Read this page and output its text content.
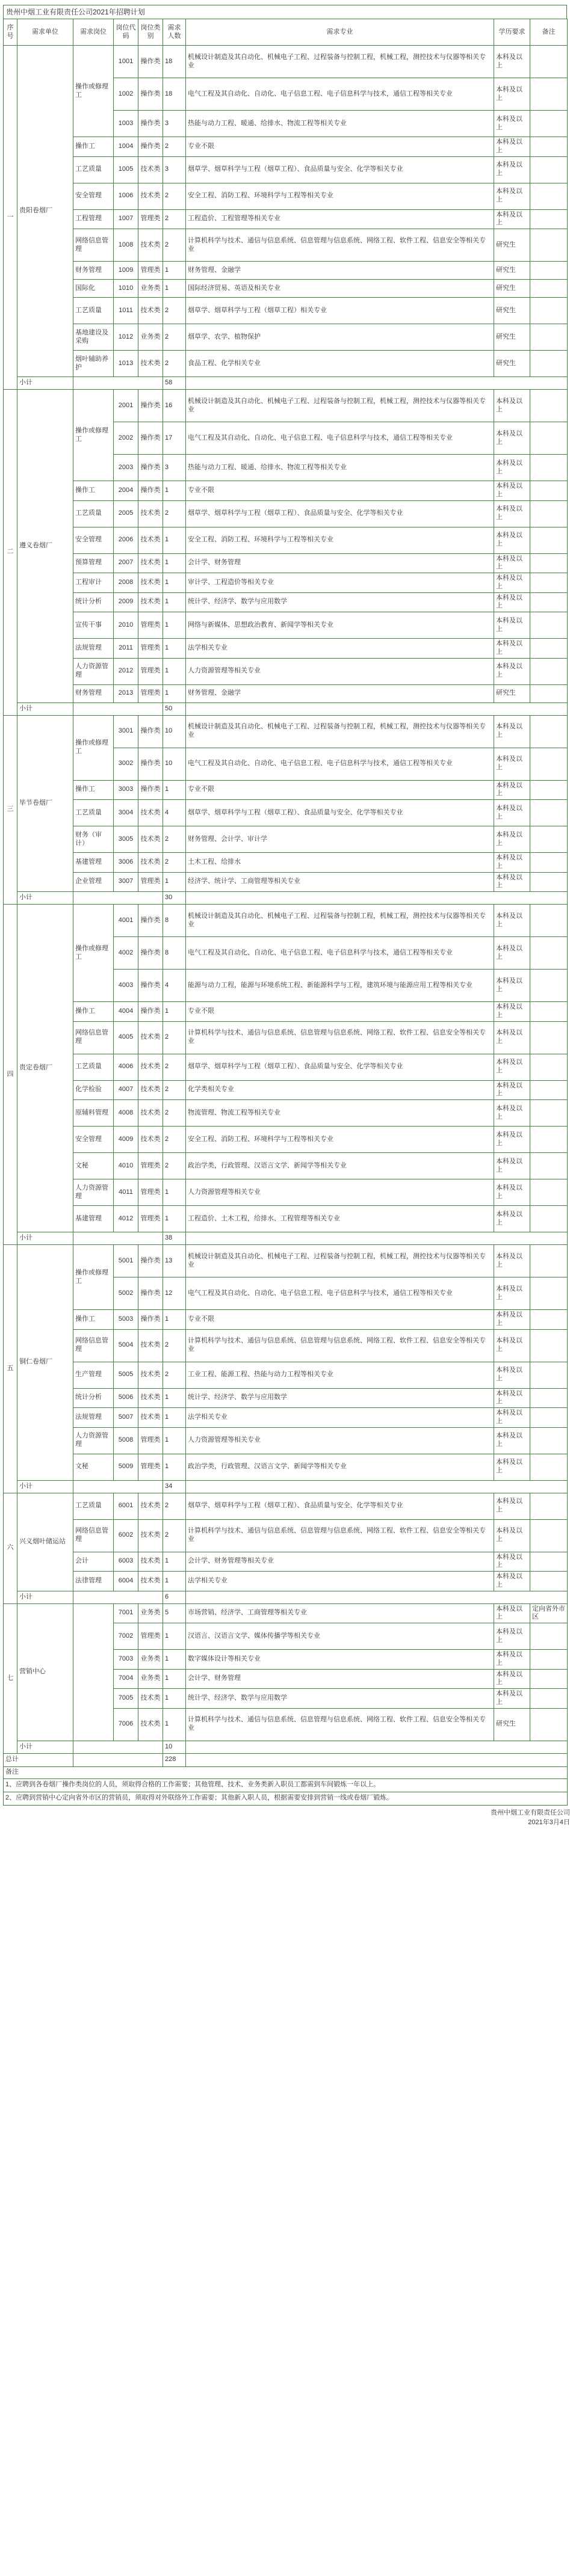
贵州中烟工业有限责任公司2021年招聘计划
序号	需求单位	需求岗位	岗位代码	岗位类别	需求人数	需求专业	学历要求	备注
一	贵阳卷烟厂	操作或修理工	1001	操作类	18	机械设计制造及其自动化、机械电子工程、过程装备与控制工程，机械工程，测控技术与仪器等相关专业	本科及以上	
			1002	操作类	18	电气工程及其自动化、自动化、电子信息工程、电子信息科学与技术，通信工程等相关专业	本科及以上	
			1003	操作类	3	热能与动力工程、暖通、给排水、物流工程等相关专业	本科及以上	
		操作工	1004	操作类	2	专业不限	本科及以上	
		工艺质量	1005	技术类	3	烟草学、烟草科学与工程（烟草工程）、食品质量与安全、化学等相关专业	本科及以上	
		安全管理	1006	技术类	2	安全工程、消防工程、环境科学与工程等相关专业	本科及以上	
		工程管理	1007	管理类	2	工程造价、工程管理等相关专业	本科及以上	
		网络信息管理	1008	技术类	2	计算机科学与技术、通信与信息系统、信息管理与信息系统、网络工程、软件工程、信息安全等相关专业	研究生	
		财务管理	1009	管理类	1	财务管理、金融学	研究生	
		国际化	1010	业务类	1	国际经济贸易、英语及相关专业	研究生	
		工艺质量	1011	技术类	2	烟草学、烟草科学与工程（烟草工程）相关专业	研究生	
		基地建设及采购	1012	业务类	2	烟草学、农学、植物保护	研究生	
		烟叶辅助养护	1013	技术类	2	食品工程、化学相关专业	研究生	
	小计				58			
二	遵义卷烟厂	操作或修理工	2001	操作类	16	机械设计制造及其自动化、机械电子工程、过程装备与控制工程，机械工程，测控技术与仪器等相关专业	本科及以上	
			2002	操作类	17	电气工程及其自动化、自动化、电子信息工程、电子信息科学与技术，通信工程等相关专业	本科及以上	
			2003	操作类	3	热能与动力工程、暖通、给排水、物流工程等相关专业	本科及以上	
		操作工	2004	操作类	1	专业不限	本科及以上	
		工艺质量	2005	技术类	2	烟草学、烟草科学与工程（烟草工程）、食品质量与安全、化学等相关专业	本科及以上	
		安全管理	2006	技术类	1	安全工程、消防工程、环境科学与工程等相关专业	本科及以上	
		预算管理	2007	技术类	1	会计学、财务管理	本科及以上	
		工程审计	2008	技术类	1	审计学、工程造价等相关专业	本科及以上	
		统计分析	2009	技术类	1	统计学、经济学、数学与应用数学	本科及以上	
		宣传干事	2010	管理类	1	网络与新媒体、思想政治教育、新闻学等相关专业	本科及以上	
		法规管理	2011	管理类	1	法学相关专业	本科及以上	
		人力资源管理	2012	管理类	1	人力资源管理等相关专业	本科及以上	
		财务管理	2013	管理类	1	财务管理、金融学	研究生	
	小计				50			
三	毕节卷烟厂	操作或修理工	3001	操作类	10	机械设计制造及其自动化、机械电子工程、过程装备与控制工程，机械工程，测控技术与仪器等相关专业	本科及以上	
			3002	操作类	10	电气工程及其自动化、自动化、电子信息工程、电子信息科学与技术，通信工程等相关专业	本科及以上	
		操作工	3003	操作类	1	专业不限	本科及以上	
		工艺质量	3004	技术类	4	烟草学、烟草科学与工程（烟草工程）、食品质量与安全、化学等相关专业	本科及以上	
		财务（审计）	3005	技术类	2	财务管理、会计学、审计学	本科及以上	
		基建管理	3006	技术类	2	土木工程、给排水	本科及以上	
		企业管理	3007	管理类	1	经济学、统计学、工商管理等相关专业	本科及以上	
	小计				30			
四	贵定卷烟厂	操作或修理工	4001	操作类	8	机械设计制造及其自动化、机械电子工程、过程装备与控制工程，机械工程，测控技术与仪器等相关专业	本科及以上	
			4002	操作类	8	电气工程及其自动化、自动化、电子信息工程、电子信息科学与技术，通信工程等相关专业	本科及以上	
			4003	操作类	4	能源与动力工程，能源与环境系统工程、新能源科学与工程，建筑环境与能源应用工程等相关专业	本科及以上	
		操作工	4004	操作类	1	专业不限	本科及以上	
		网络信息管理	4005	技术类	2	计算机科学与技术、通信与信息系统、信息管理与信息系统、网络工程、软件工程、信息安全等相关专业	本科及以上	
		工艺质量	4006	技术类	2	烟草学、烟草科学与工程（烟草工程）、食品质量与安全、化学等相关专业	本科及以上	
		化学检验	4007	技术类	2	化学类相关专业	本科及以上	
		原辅料管理	4008	技术类	2	物流管理、物流工程等相关专业	本科及以上	
		安全管理	4009	技术类	2	安全工程、消防工程、环境科学与工程等相关专业	本科及以上	
		文秘	4010	管理类	2	政治学类，行政管理、汉语言文学、新闻学等相关专业	本科及以上	
		人力资源管理	4011	管理类	1	人力资源管理等相关专业	本科及以上	
		基建管理	4012	管理类	1	工程造价、土木工程，给排水、工程管理等相关专业	本科及以上	
	小计				38			
五	铜仁卷烟厂	操作或修理工	5001	操作类	13	机械设计制造及其自动化、机械电子工程、过程装备与控制工程，机械工程，测控技术与仪器等相关专业	本科及以上	
			5002	操作类	12	电气工程及其自动化、自动化、电子信息工程、电子信息科学与技术，通信工程等相关专业	本科及以上	
		操作工	5003	操作类	1	专业不限	本科及以上	
		网络信息管理	5004	技术类	2	计算机科学与技术、通信与信息系统、信息管理与信息系统、网络工程、软件工程、信息安全等相关专业	本科及以上	
		生产管理	5005	技术类	2	工业工程、能源工程、热能与动力工程等相关专业	本科及以上	
		统计分析	5006	技术类	1	统计学、经济学、数学与应用数学	本科及以上	
		法规管理	5007	技术类	1	法学相关专业	本科及以上	
		人力资源管理	5008	管理类	1	人力资源管理等相关专业	本科及以上	
		文秘	5009	管理类	1	政治学类，行政管理、汉语言文学、新闻学等相关专业	本科及以上	
	小计				34			
六	兴义烟叶储运站	工艺质量	6001	技术类	2	烟草学、烟草科学与工程（烟草工程）、食品质量与安全、化学等相关专业	本科及以上	
		网络信息管理	6002	技术类	2	计算机科学与技术、通信与信息系统、信息管理与信息系统、网络工程、软件工程、信息安全等相关专业	本科及以上	
		会计	6003	技术类	1	会计学、财务管理等相关专业	本科及以上	
		法律管理	6004	技术类	1	法学相关专业	本科及以上	
	小计				6			
七	营销中心		7001	业务类	5	市场营销、经济学、工商管理等相关专业	本科及以上	定向省外市区
			7002	管理类	1	汉语言、汉语言文学、媒体传播学等相关专业	本科及以上	
			7003	业务类	1	数字媒体设计等相关专业	本科及以上	
			7004	业务类	1	会计学、财务管理	本科及以上	
			7005	技术类	1	统计学、经济学、数学与应用数学	本科及以上	
			7006	技术类	1	计算机科学与技术、通信与信息系统、信息管理与信息系统、网络工程、软件工程、信息安全等相关专业	研究生	
	小计				10			
总计					228			
备注								
1、应聘到各卷烟厂操作类岗位的人员，须取得合格的工作需要；其他管理、技术、业务类新入职员工都需到车间锻炼一年以上。								
2、应聘到营销中心定向省外市区的营销员，须取得对外联络外工作需要；其他新入职人员，根据需要安排到营销一线或卷烟厂锻炼。								
贵州中烟工业有限责任公司
2021年3月4日
